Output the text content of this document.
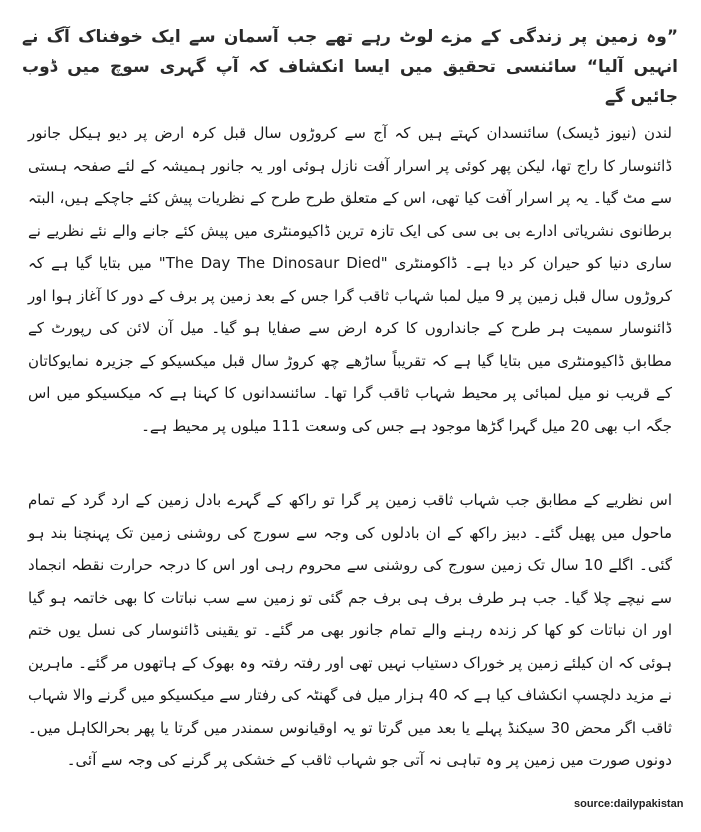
”وہ زمین پر زندگی کے مزے لوٹ رہے تھے جب آسمان سے ایک خوفناک آگ نے انہیں آلیا“ سائنسی تحقیق میں ایسا انکشاف کہ آپ گہری سوچ میں ڈوب جائیں گے

لندن (نیوز ڈیسک) سائنسدان کہتے ہیں کہ آج سے کروڑوں سال قبل کرہ ارض پر دیو ہیکل جانور ڈائنوسار کا راج تھا، لیکن پھر کوئی پر اسرار آفت نازل ہوئی اور یہ جانور ہمیشہ کے لئے صفحہ ہستی سے مٹ گیا۔ یہ پر اسرار آفت کیا تھی، اس کے متعلق طرح طرح کے نظریات پیش کئے جاچکے ہیں، البتہ برطانوی نشریاتی ادارے بی بی سی کی ایک تازہ ترین ڈاکیومنٹری میں پیش کئے جانے والے نئے نظریے نے ساری دنیا کو حیران کر دیا ہے۔ ڈاکومنٹری "The Day The Dinosaur Died" میں بتایا گیا ہے کہ کروڑوں سال قبل زمین پر 9 میل لمبا شہاب ثاقب گرا جس کے بعد زمین پر برف کے دور کا آغاز ہوا اور ڈائنوسار سمیت ہر طرح کے جانداروں کا کرہ ارض سے صفایا ہو گیا۔ میل آن لائن کی رپورٹ کے مطابق ڈاکیومنٹری میں بتایا گیا ہے کہ تقریباً ساڑھے چھ کروڑ سال قبل میکسیکو کے جزیرہ نمایوکاتان کے قریب نو میل لمبائی پر محیط شہاب ثاقب گرا تھا۔ سائنسدانوں کا کہنا ہے کہ میکسیکو میں اس جگہ اب بھی 20 میل گہرا گڑھا موجود ہے جس کی وسعت 111 میلوں پر محیط ہے۔

اس نظریے کے مطابق جب شہاب ثاقب زمین پر گرا تو راکھ کے گہرے بادل زمین کے ارد گرد کے تمام ماحول میں پھیل گئے۔ دبیز راکھ کے ان بادلوں کی وجہ سے سورج کی روشنی زمین تک پہنچنا بند ہو گئی۔ اگلے 10 سال تک زمین سورج کی روشنی سے محروم رہی اور اس کا درجہ حرارت نقطہ انجماد سے نیچے چلا گیا۔ جب ہر طرف برف ہی برف جم گئی تو زمین سے سب نباتات کا بھی خاتمہ ہو گیا اور ان نباتات کو کھا کر زندہ رہنے والے تمام جانور بھی مر گئے۔ تو یقینی ڈائنوسار کی نسل یوں ختم ہوئی کہ ان کیلئے زمین پر خوراک دستیاب نہیں تھی اور رفتہ رفتہ وہ بھوک کے ہاتھوں مر گئے۔ ماہرین نے مزید دلچسپ انکشاف کیا ہے کہ 40 ہزار میل فی گھنٹہ کی رفتار سے میکسیکو میں گرنے والا شہاب ثاقب اگر محض 30 سیکنڈ پہلے یا بعد میں گرتا تو یہ اوقیانوس سمندر میں گرتا یا پھر بحرالکاہل میں۔ دونوں صورت میں زمین پر وہ تباہی نہ آتی جو شہاب ثاقب کے خشکی پر گرنے کی وجہ سے آئی۔

source:dailypakistan
